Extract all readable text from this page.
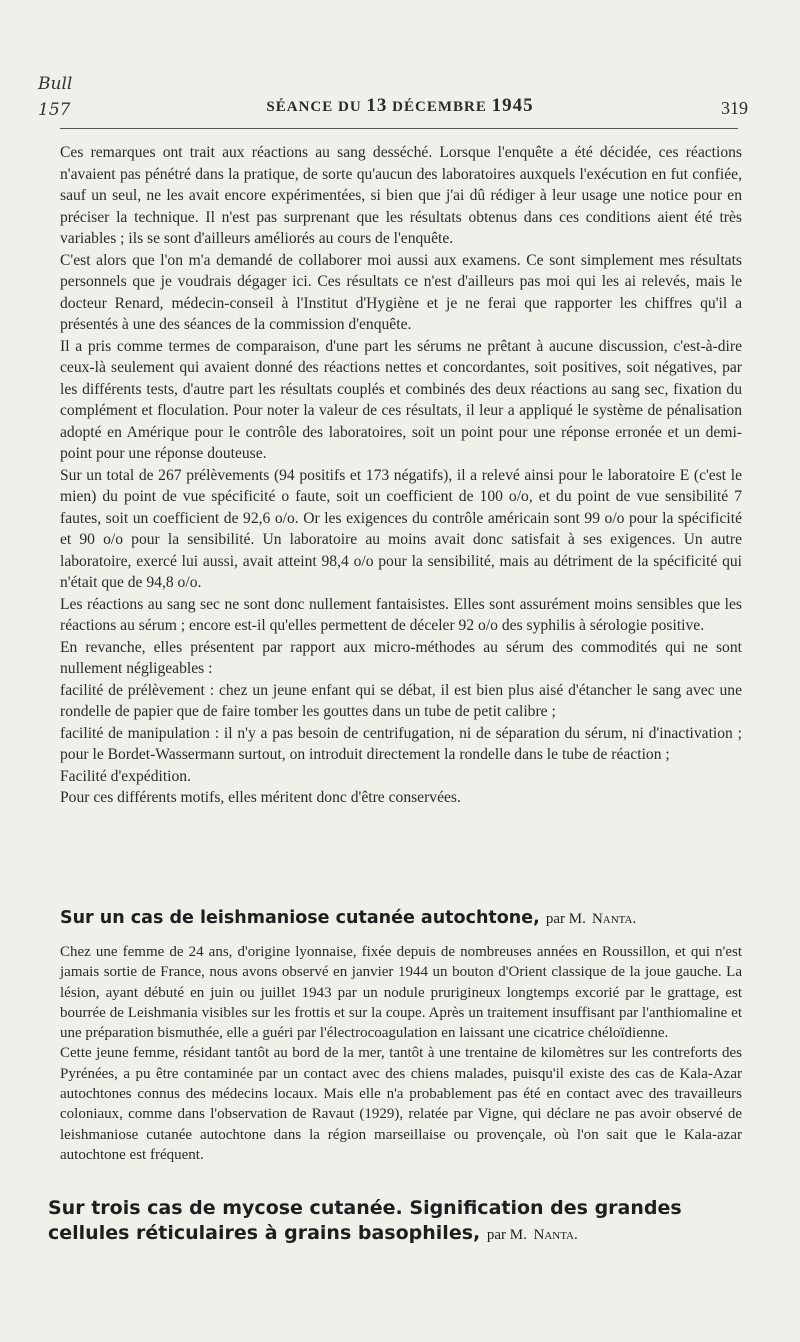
Bull
157	SÉANCE DU 13 DÉCEMBRE 1945	319

Ces remarques ont trait aux réactions au sang desséché. Lorsque l'enquête a été décidée, ces réactions n'avaient pas pénétré dans la pratique, de sorte qu'aucun des laboratoires auxquels l'exécution en fut confiée, sauf un seul, ne les avait encore expérimentées, si bien que j'ai dû rédiger à leur usage une notice pour en préciser la technique. Il n'est pas surprenant que les résultats obtenus dans ces conditions aient été très variables ; ils se sont d'ailleurs améliorés au cours de l'enquête.

C'est alors que l'on m'a demandé de collaborer moi aussi aux examens. Ce sont simplement mes résultats personnels que je voudrais dégager ici. Ces résultats ce n'est d'ailleurs pas moi qui les ai relevés, mais le docteur Renard, médecin-conseil à l'Institut d'Hygiène et je ne ferai que rapporter les chiffres qu'il a présentés à une des séances de la commission d'enquête.

Il a pris comme termes de comparaison, d'une part les sérums ne prêtant à aucune discussion, c'est-à-dire ceux-là seulement qui avaient donné des réactions nettes et concordantes, soit positives, soit négatives, par les différents tests, d'autre part les résultats couplés et combinés des deux réactions au sang sec, fixation du complément et floculation. Pour noter la valeur de ces résultats, il leur a appliqué le système de pénalisation adopté en Amérique pour le contrôle des laboratoires, soit un point pour une réponse erronée et un demi-point pour une réponse douteuse.

Sur un total de 267 prélèvements (94 positifs et 173 négatifs), il a relevé ainsi pour le laboratoire E (c'est le mien) du point de vue spécificité o faute, soit un coefficient de 100 o/o, et du point de vue sensibilité 7 fautes, soit un coefficient de 92,6 o/o. Or les exigences du contrôle américain sont 99 o/o pour la spécificité et 90 o/o pour la sensibilité. Un laboratoire au moins avait donc satisfait à ses exigences. Un autre laboratoire, exercé lui aussi, avait atteint 98,4 o/o pour la sensibilité, mais au détriment de la spécificité qui n'était que de 94,8 o/o.

Les réactions au sang sec ne sont donc nullement fantaisistes. Elles sont assurément moins sensibles que les réactions au sérum ; encore est-il qu'elles permettent de déceler 92 o/o des syphilis à sérologie positive.

En revanche, elles présentent par rapport aux micro-méthodes au sérum des commodités qui ne sont nullement négligeables :

facilité de prélèvement : chez un jeune enfant qui se débat, il est bien plus aisé d'étancher le sang avec une rondelle de papier que de faire tomber les gouttes dans un tube de petit calibre ;

facilité de manipulation : il n'y a pas besoin de centrifugation, ni de séparation du sérum, ni d'inactivation ; pour le Bordet-Wassermann surtout, on introduit directement la rondelle dans le tube de réaction ;

Facilité d'expédition.

Pour ces différents motifs, elles méritent donc d'être conservées.

Sur un cas de leishmaniose cutanée autochtone, par M. Nanta.

Chez une femme de 24 ans, d'origine lyonnaise, fixée depuis de nombreuses années en Roussillon, et qui n'est jamais sortie de France, nous avons observé en janvier 1944 un bouton d'Orient classique de la joue gauche. La lésion, ayant débuté en juin ou juillet 1943 par un nodule prurigineux longtemps excorié par le grattage, est bourrée de Leishmania visibles sur les frottis et sur la coupe. Après un traitement insuffisant par l'anthiomaline et une préparation bismuthée, elle a guéri par l'électrocoagulation en laissant une cicatrice chéloïdienne.

Cette jeune femme, résidant tantôt au bord de la mer, tantôt à une trentaine de kilomètres sur les contreforts des Pyrénées, a pu être contaminée par un contact avec des chiens malades, puisqu'il existe des cas de Kala-Azar autochtones connus des médecins locaux. Mais elle n'a probablement pas été en contact avec des travailleurs coloniaux, comme dans l'observation de Ravaut (1929), relatée par Vigne, qui déclare ne pas avoir observé de leishmaniose cutanée autochtone dans la région marseillaise ou provençale, où l'on sait que le Kala-azar autochtone est fréquent.

Sur trois cas de mycose cutanée. Signification des grandes cellules réticulaires à grains basophiles, par M. Nanta.
